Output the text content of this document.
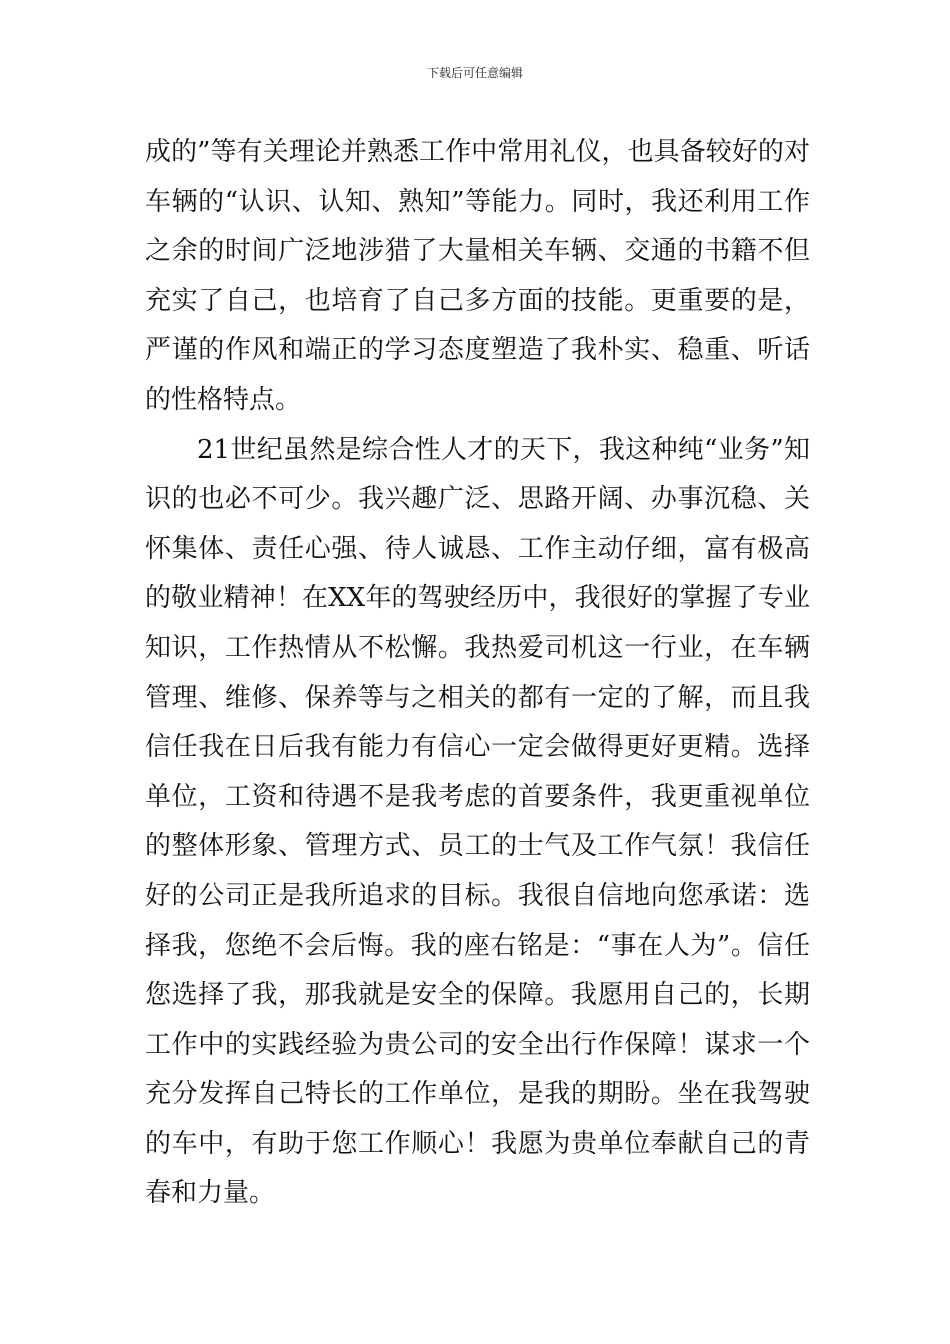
下载后可任意编辑

成的”等有关理论并熟悉工作中常用礼仪，也具备较好的对车辆的“认识、认知、熟知”等能力。同时，我还利用工作之余的时间广泛地涉猎了大量相关车辆、交通的书籍不但充实了自己，也培育了自己多方面的技能。更重要的是，严谨的作风和端正的学习态度塑造了我朴实、稳重、听话的性格特点。

21世纪虽然是综合性人才的天下，我这种纯“业务”知识的也必不可少。我兴趣广泛、思路开阔、办事沉稳、关怀集体、责任心强、待人诚恳、工作主动仔细，富有极高的敬业精神！在XX年的驾驶经历中，我很好的掌握了专业知识，工作热情从不松懈。我热爱司机这一行业，在车辆管理、维修、保养等与之相关的都有一定的了解，而且我信任我在日后我有能力有信心一定会做得更好更精。选择单位，工资和待遇不是我考虑的首要条件，我更重视单位的整体形象、管理方式、员工的士气及工作气氛！我信任好的公司正是我所追求的目标。我很自信地向您承诺：选择我，您绝不会后悔。我的座右铭是：“事在人为”。信任您选择了我，那我就是安全的保障。我愿用自己的，长期工作中的实践经验为贵公司的安全出行作保障！谋求一个充分发挥自己特长的工作单位，是我的期盼。坐在我驾驶的车中，有助于您工作顺心！我愿为贵单位奉献自己的青春和力量。
